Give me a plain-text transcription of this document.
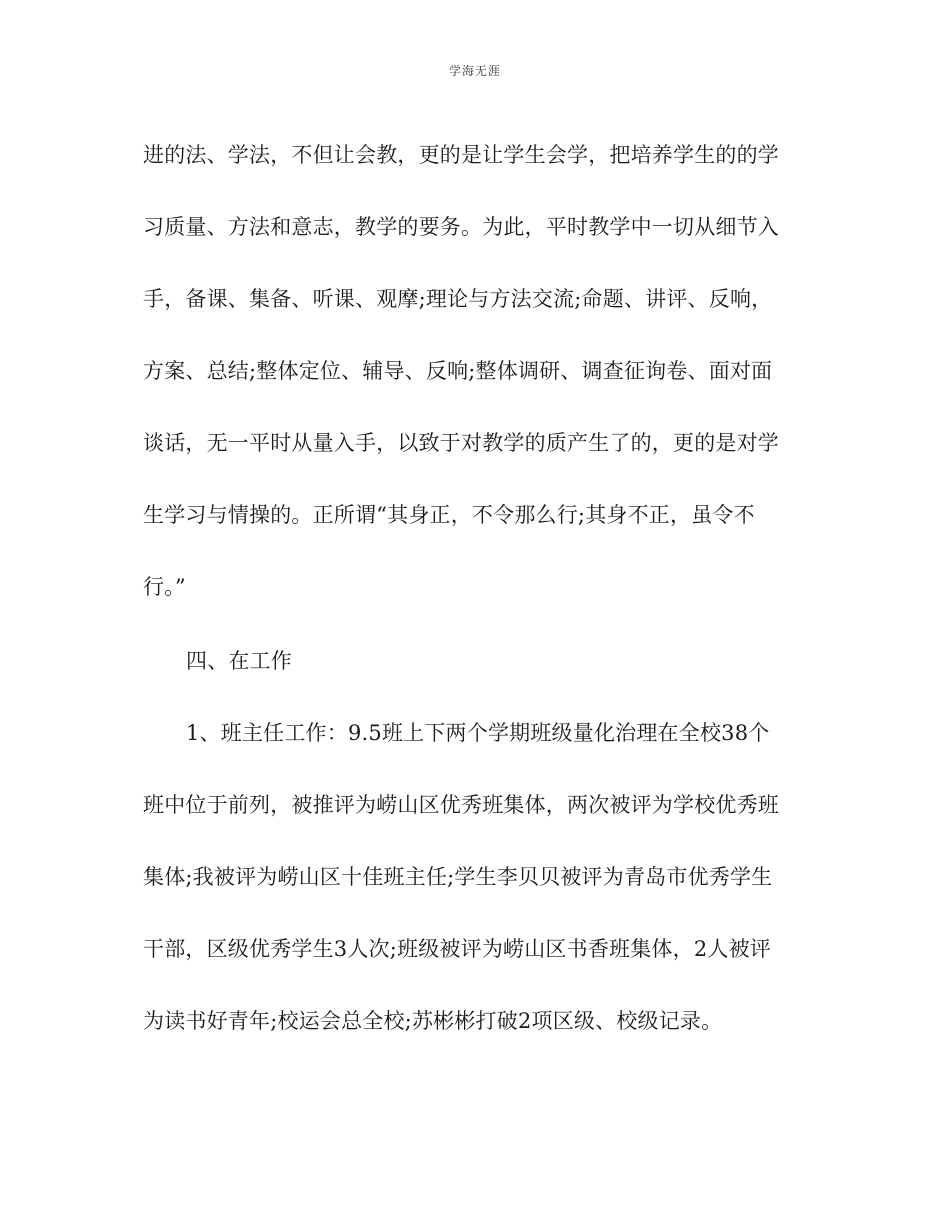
学海无涯
进的法、学法，不但让会教，更的是让学生会学，把培养学生的的学
习质量、方法和意志，教学的要务。为此，平时教学中一切从细节入
手，备课、集备、听课、观摩;理论与方法交流;命题、讲评、反响，
方案、总结;整体定位、辅导、反响;整体调研、调查征询卷、面对面
谈话，无一平时从量入手，以致于对教学的质产生了的，更的是对学
生学习与情操的。正所谓“其身正，不令那么行;其身不正，虽令不
行。”
四、在工作
1、班主任工作：9.5班上下两个学期班级量化治理在全校38个
班中位于前列，被推评为崂山区优秀班集体，两次被评为学校优秀班
集体;我被评为崂山区十佳班主任;学生李贝贝被评为青岛市优秀学生
干部，区级优秀学生3人次;班级被评为崂山区书香班集体，2人被评
为读书好青年;校运会总全校;苏彬彬打破2项区级、校级记录。
